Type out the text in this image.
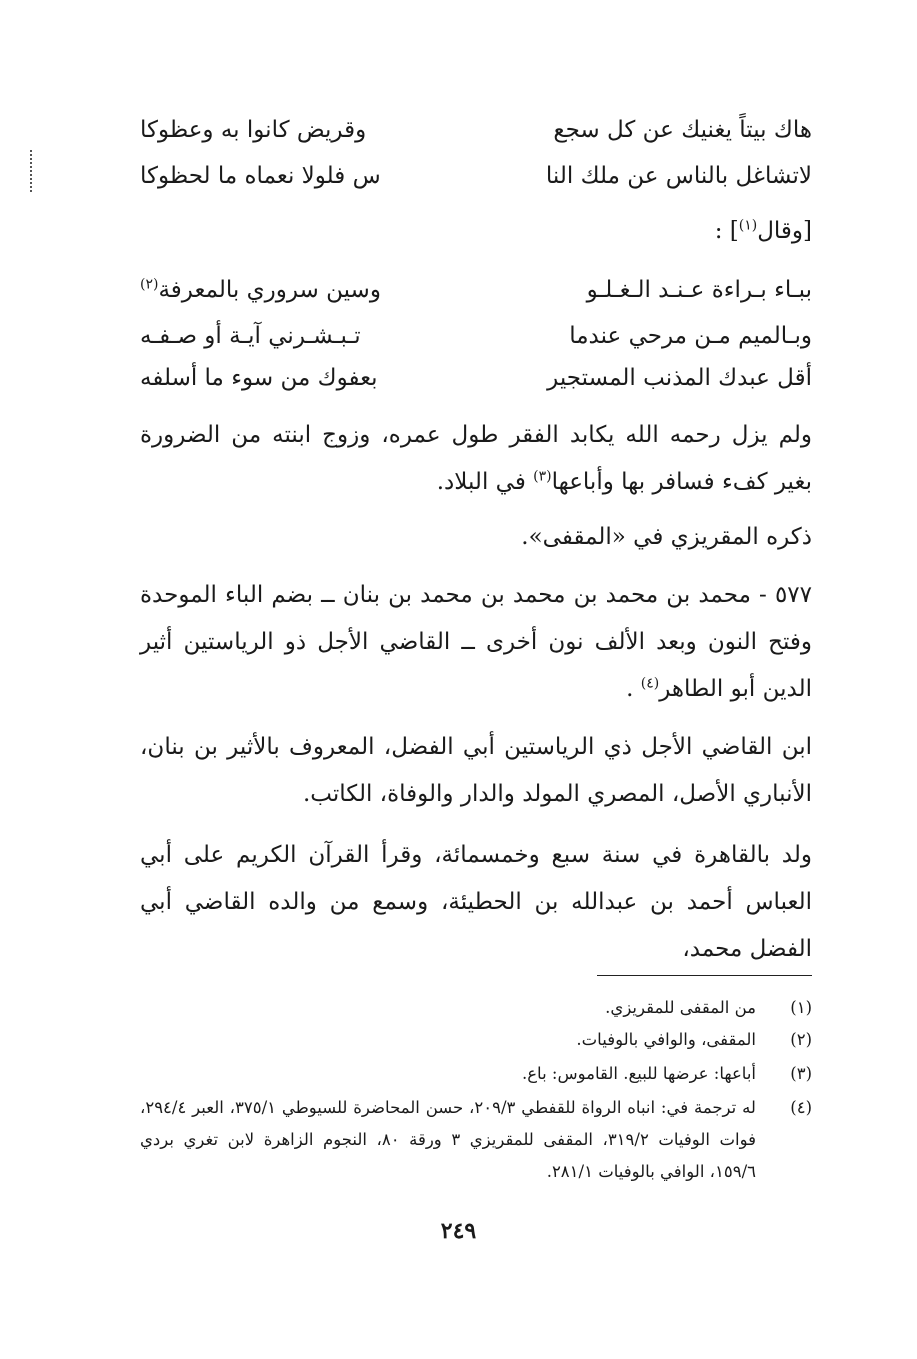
هاك بيتاً يغنيك عن كل سجع
وقريض كانوا به وعظوكا
لاتشاغل بالناس عن ملك النا
س فلولا نعماه ما لحظوكا
[وقال$^{(١)}$] :
ببـاء بـراءة عـنـد الـغـلـو
وسين سروري بالمعرفة$^{(٢)}$
وبـالميم مـن مرحي عندما
تـبـشـرني آيـة أو صـفـه
أقل عبدك المذنب المستجير
بعفوك من سوء ما أسلفه
ولم يزل رحمه الله يكابد الفقر طول عمره، وزوج ابنته من الضرورة بغير كفء فسافر بها وأباعها$^{(٣)}$ في البلاد.
ذكره المقريزي في «المقفى».
٥٧٧ - محمد بن محمد بن محمد بن محمد بن بنان ــ بضم الباء الموحدة وفتح النون وبعد الألف نون أخرى ــ القاضي الأجل ذو الرياستين أثير الدين أبو الطاهر$^{(٤)}$ .
ابن القاضي الأجل ذي الرياستين أبي الفضل، المعروف بالأثير بن بنان، الأنباري الأصل، المصري المولد والدار والوفاة، الكاتب.
ولد بالقاهرة في سنة سبع وخمسمائة، وقرأ القرآن الكريم على أبي العباس أحمد بن عبدالله بن الحطيئة، وسمع من والده القاضي أبي الفضل محمد،
(١)
من المقفى للمقريزي.
(٢)
المقفى، والوافي بالوفيات.
(٣)
أباعها: عرضها للبيع. القاموس: باع.
(٤)
له ترجمة في: انباه الرواة للقفطي ٢٠٩/٣، حسن المحاضرة للسيوطي ٣٧٥/١، العبر ٢٩٤/٤، فوات الوفيات ٣١٩/٢، المقفى للمقريزي ٣ ورقة ٨٠، النجوم الزاهرة لابن تغري بردي ١٥٩/٦، الوافي بالوفيات ٢٨١/١.
٢٤٩
